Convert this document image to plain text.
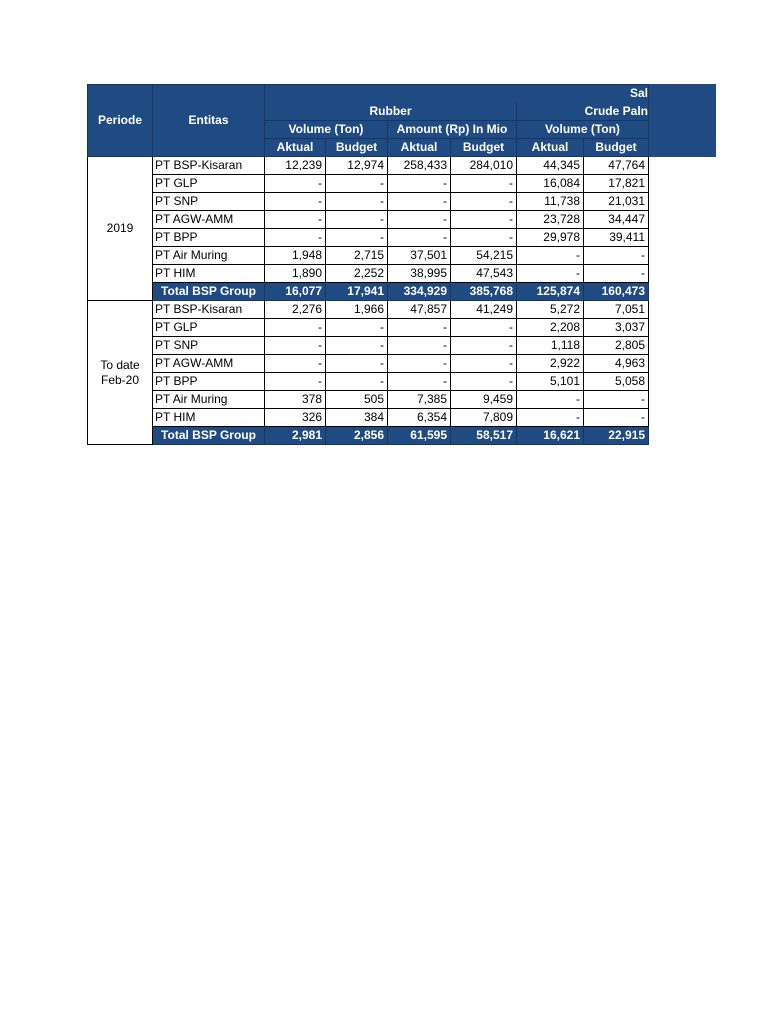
Periode	Entitas	Sal					
		Rubber				Crude Paln	
		Volume (Ton)		Amount (Rp) In Mio		Volume (Ton)	
		Aktual	Budget	Aktual	Budget	Aktual	Budget
2019	PT BSP-Kisaran	12,239	12,974	258,433	284,010	44,345	47,764
	PT GLP	-	-	-	-	16,084	17,821
	PT SNP	-	-	-	-	11,738	21,031
	PT AGW-AMM	-	-	-	-	23,728	34,447
	PT BPP	-	-	-	-	29,978	39,411
	PT Air Muring	1,948	2,715	37,501	54,215	-	-
	PT HIM	1,890	2,252	38,995	47,543	-	-
	Total BSP Group	16,077	17,941	334,929	385,768	125,874	160,473

To date
Feb-20	PT BSP-Kisaran	2,276	1,966	47,857	41,249	5,272	7,051
	PT GLP	-	-	-	-	2,208	3,037
	PT SNP	-	-	-	-	1,118	2,805
	PT AGW-AMM	-	-	-	-	2,922	4,963
	PT BPP	-	-	-	-	5,101	5,058
	PT Air Muring	378	505	7,385	9,459	-	-
	PT HIM	326	384	6,354	7,809	-	-
	Total BSP Group	2,981	2,856	61,595	58,517	16,621	22,915
